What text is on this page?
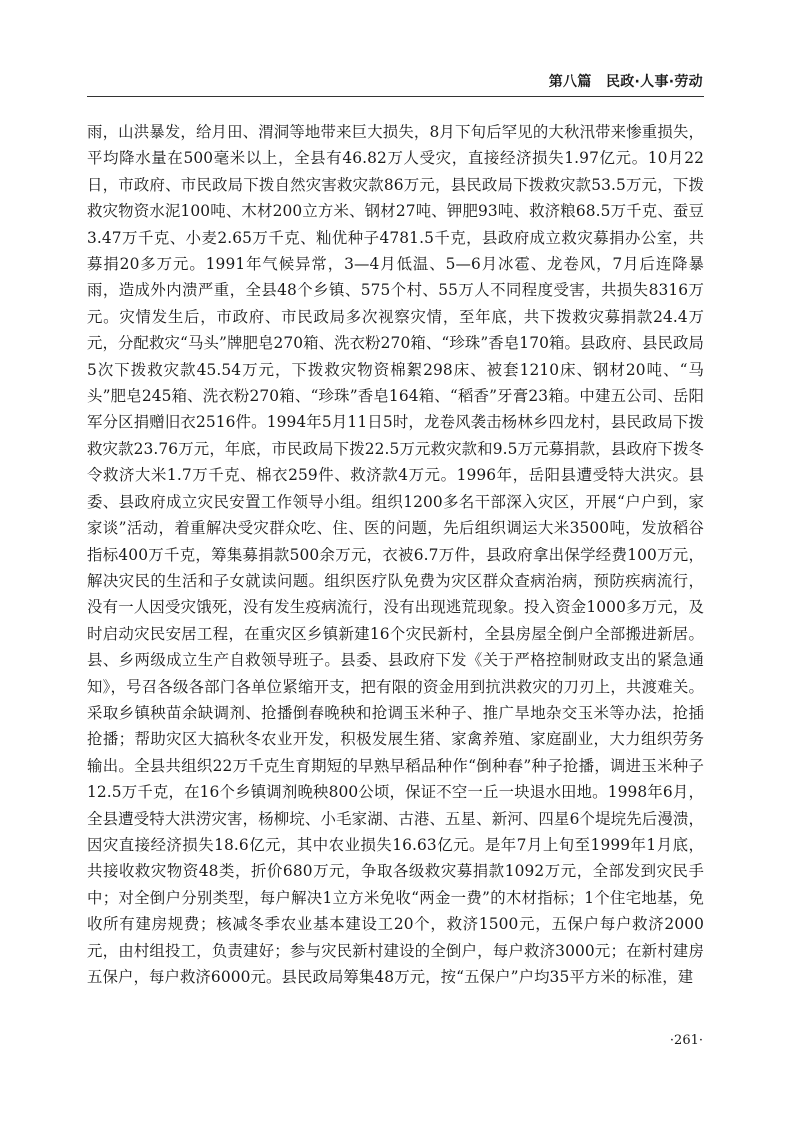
第八篇　民政·人事·劳动

雨，山洪暴发，给月田、渭洞等地带来巨大损失，8月下旬后罕见的大秋汛带来惨重损失，平均降水量在500毫米以上，全县有46.82万人受灾，直接经济损失1.97亿元。10月22日，市政府、市民政局下拨自然灾害救灾款86万元，县民政局下拨救灾款53.5万元，下拨救灾物资水泥100吨、木材200立方米、钢材27吨、钾肥93吨、救济粮68.5万千克、蚕豆3.47万千克、小麦2.65万千克、籼优种子4781.5千克，县政府成立救灾募捐办公室，共募捐20多万元。1991年气候异常，3—4月低温、5—6月冰雹、龙卷风，7月后连降暴雨，造成外内溃严重，全县48个乡镇、575个村、55万人不同程度受害，共损失8316万元。灾情发生后，市政府、市民政局多次视察灾情，至年底，共下拨救灾募捐款24.4万元，分配救灾“马头”牌肥皂270箱、洗衣粉270箱、“珍珠”香皂170箱。县政府、县民政局5次下拨救灾款45.54万元，下拨救灾物资棉絮298床、被套1210床、钢材20吨、“马头”肥皂245箱、洗衣粉270箱、“珍珠”香皂164箱、“稻香”牙膏23箱。中建五公司、岳阳军分区捐赠旧衣2516件。1994年5月11日5时，龙卷风袭击杨林乡四龙村，县民政局下拨救灾款23.76万元，年底，市民政局下拨22.5万元救灾款和9.5万元募捐款，县政府下拨冬令救济大米1.7万千克、棉衣259件、救济款4万元。1996年，岳阳县遭受特大洪灾。县委、县政府成立灾民安置工作领导小组。组织1200多名干部深入灾区，开展“户户到，家家谈”活动，着重解决受灾群众吃、住、医的问题，先后组织调运大米3500吨，发放稻谷指标400万千克，筹集募捐款500余万元，衣被6.7万件，县政府拿出保学经费100万元，解决灾民的生活和子女就读问题。组织医疗队免费为灾区群众查病治病，预防疾病流行，没有一人因受灾饿死，没有发生疫病流行，没有出现逃荒现象。投入资金1000多万元，及时启动灾民安居工程，在重灾区乡镇新建16个灾民新村，全县房屋全倒户全部搬进新居。县、乡两级成立生产自救领导班子。县委、县政府下发《关于严格控制财政支出的紧急通知》，号召各级各部门各单位紧缩开支，把有限的资金用到抗洪救灾的刀刃上，共渡难关。采取乡镇秧苗余缺调剂、抢播倒春晚秧和抢调玉米种子、推广旱地杂交玉米等办法，抢插抢播；帮助灾区大搞秋冬农业开发，积极发展生猪、家禽养殖、家庭副业，大力组织劳务输出。全县共组织22万千克生育期短的早熟早稻品种作“倒种春”种子抢播，调进玉米种子12.5万千克，在16个乡镇调剂晚秧800公顷，保证不空一丘一块退水田地。1998年6月，全县遭受特大洪涝灾害，杨柳垸、小毛家湖、古港、五星、新河、四星6个堤垸先后漫溃，因灾直接经济损失18.6亿元，其中农业损失16.63亿元。是年7月上旬至1999年1月底，共接收救灾物资48类，折价680万元，争取各级救灾募捐款1092万元，全部发到灾民手中；对全倒户分别类型，每户解决1立方米免收“两金一费”的木材指标；1个住宅地基，免收所有建房规费；核减冬季农业基本建设工20个，救济1500元，五保户每户救济2000元，由村组投工，负责建好；参与灾民新村建设的全倒户，每户救济3000元；在新村建房五保户，每户救济6000元。县民政局筹集48万元，按“五保户”户均35平方米的标准，建

·261·
